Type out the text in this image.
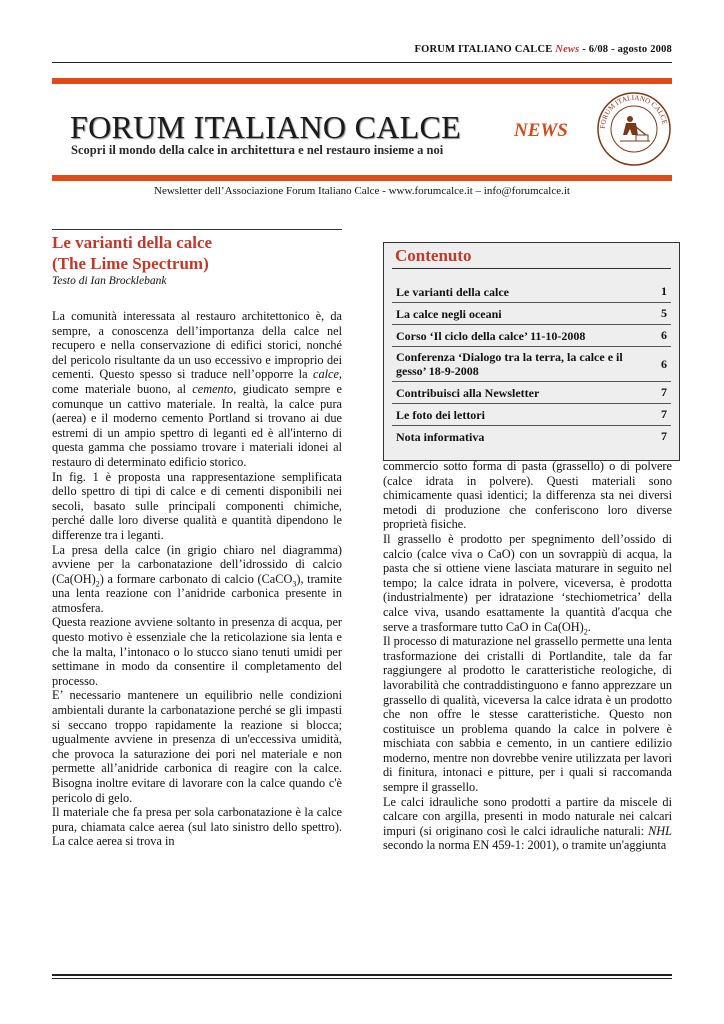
FORUM ITALIANO CALCE News - 6/08 - agosto 2008
FORUM ITALIANO CALCE	NEWS
Scopri il mondo della calce in architettura e nel restauro insieme a noi
FORUM ITALIANO CALCE
Newsletter dell’Associazione Forum Italiano Calce - www.forumcalce.it – info@forumcalce.it
Le varianti della calce
(The Lime Spectrum)
Testo di Ian Brocklebank

La comunità interessata al restauro architettonico è, da sempre, a conoscenza dell’importanza della calce nel recupero e nella conservazione di edifici storici, nonché del pericolo risultante da un uso eccessivo e improprio dei cementi. Questo spesso si traduce nell’opporre la calce, come materiale buono, al cemento, giudicato sempre e comunque un cattivo materiale. In realtà, la calce pura (aerea) e il moderno cemento Portland si trovano ai due estremi di un ampio spettro di leganti ed è all'interno di questa gamma che possiamo trovare i materiali idonei al restauro di determinato edificio storico.

In fig. 1 è proposta una rappresentazione semplificata dello spettro di tipi di calce e di cementi disponibili nei secoli, basato sulle principali componenti chimiche, perché dalle loro diverse qualità e quantità dipendono le differenze tra i leganti.

La presa della calce (in grigio chiaro nel diagramma) avviene per la carbonatazione dell’idrossido di calcio $(Ca(OH)_2)$ a formare carbonato di calcio (CaCO$_3$), tramite una lenta reazione con l’anidride carbonica presente in atmosfera.

Questa reazione avviene soltanto in presenza di acqua, per questo motivo è essenziale che la reticolazione sia lenta e che la malta, l’intonaco o lo stucco siano tenuti umidi per settimane in modo da consentire il completamento del processo.

E’ necessario mantenere un equilibrio nelle condizioni ambientali durante la carbonatazione perché se gli impasti si seccano troppo rapidamente la reazione si blocca; ugualmente avviene in presenza di un'eccessiva umidità, che provoca la saturazione dei pori nel materiale e non permette all’anidride carbonica di reagire con la calce. Bisogna inoltre evitare di lavorare con la calce quando c'è pericolo di gelo.

Il materiale che fa presa per sola carbonatazione è la calce pura, chiamata calce aerea (sul lato sinistro dello spettro). La calce aerea si trova in

Contenuto
Le varianti della calce	1
La calce negli oceani	5
Corso ‘Il ciclo della calce’ 11-10-2008	6
Conferenza ‘Dialogo tra la terra, la calce e il gesso’ 18-9-2008
6
Contribuisci alla Newsletter	7
Le foto dei lettori	7
Nota informativa	7

commercio sotto forma di pasta (grassello) o di polvere (calce idrata in polvere). Questi materiali sono chimicamente quasi identici; la differenza sta nei diversi metodi di produzione che conferiscono loro diverse proprietà fisiche.

Il grassello è prodotto per spegnimento dell’ossido di calcio (calce viva o CaO) con un sovrappiù di acqua, la pasta che si ottiene viene lasciata maturare in seguito nel tempo; la calce idrata in polvere, viceversa, è prodotta (industrialmente) per idratazione ‘stechiometrica’ della calce viva, usando esattamente la quantità d'acqua che serve a trasformare tutto CaO in $Ca(OH)_2$.

Il processo di maturazione nel grassello permette una lenta trasformazione dei cristalli di Portlandite, tale da far raggiungere al prodotto le caratteristiche reologiche, di lavorabilità che contraddistinguono e fanno apprezzare un grassello di qualità, viceversa la calce idrata è un prodotto che non offre le stesse caratteristiche. Questo non costituisce un problema quando la calce in polvere è mischiata con sabbia e cemento, in un cantiere edilizio moderno, mentre non dovrebbe venire utilizzata per lavori di finitura, intonaci e pitture, per i quali si raccomanda sempre il grassello.

Le calci idrauliche sono prodotti a partire da miscele di calcare con argilla, presenti in modo naturale nei calcari impuri (si originano così le calci idrauliche naturali: NHL secondo la norma EN 459-1: 2001), o tramite un'aggiunta
